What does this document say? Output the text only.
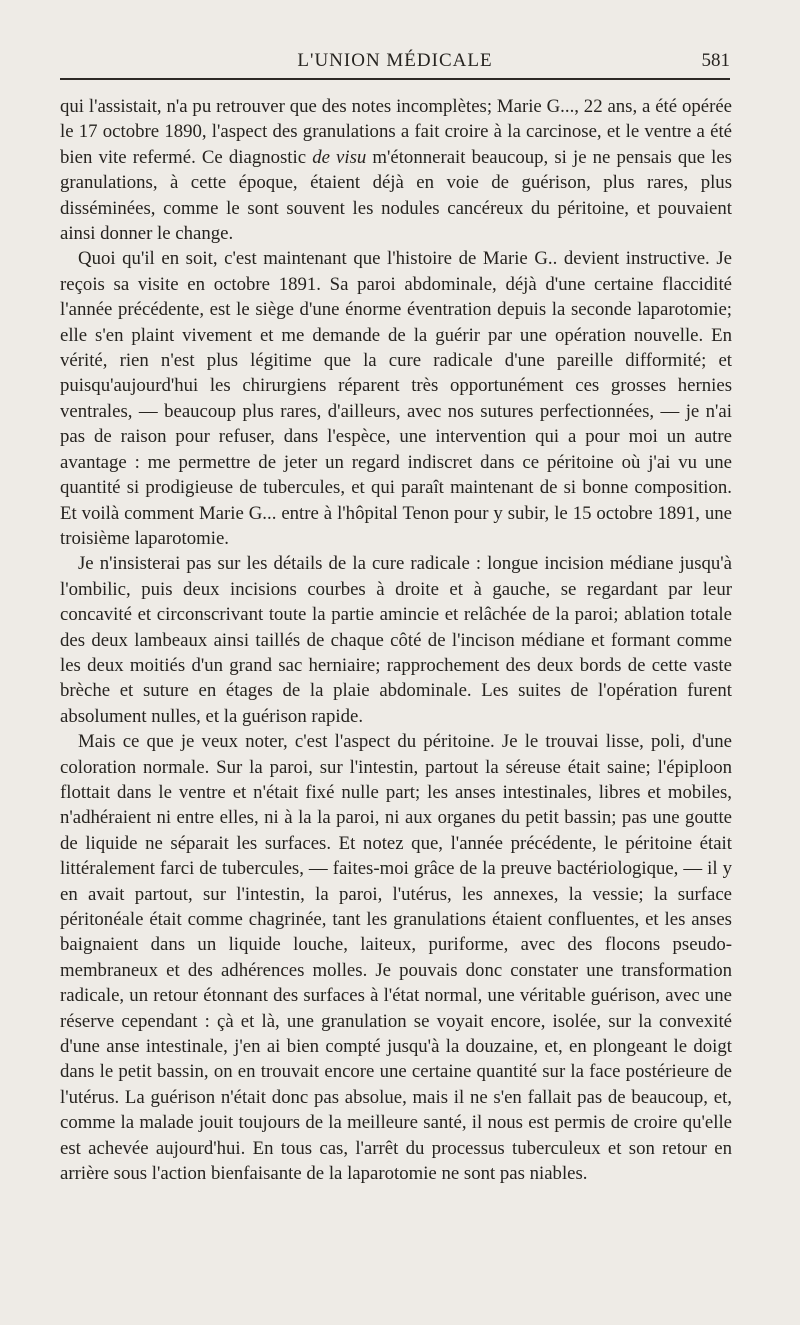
L'UNION MÉDICALE	581

qui l'assistait, n'a pu retrouver que des notes incomplètes; Marie G..., 22 ans, a été opérée le 17 octobre 1890, l'aspect des granulations a fait croire à la carcinose, et le ventre a été bien vite refermé. Ce diagnostic de visu m'étonnerait beaucoup, si je ne pensais que les granulations, à cette époque, étaient déjà en voie de guérison, plus rares, plus disséminées, comme le sont souvent les nodules cancéreux du péritoine, et pouvaient ainsi donner le change.

Quoi qu'il en soit, c'est maintenant que l'histoire de Marie G.. devient instructive. Je reçois sa visite en octobre 1891. Sa paroi abdominale, déjà d'une certaine flaccidité l'année précédente, est le siège d'une énorme éventration depuis la seconde laparotomie; elle s'en plaint vivement et me demande de la guérir par une opération nouvelle. En vérité, rien n'est plus légitime que la cure radicale d'une pareille difformité; et puisqu'aujourd'hui les chirurgiens réparent très opportunément ces grosses hernies ventrales, — beaucoup plus rares, d'ailleurs, avec nos sutures perfectionnées, — je n'ai pas de raison pour refuser, dans l'espèce, une intervention qui a pour moi un autre avantage : me permettre de jeter un regard indiscret dans ce péritoine où j'ai vu une quantité si prodigieuse de tubercules, et qui paraît maintenant de si bonne composition. Et voilà comment Marie G... entre à l'hôpital Tenon pour y subir, le 15 octobre 1891, une troisième laparotomie.

Je n'insisterai pas sur les détails de la cure radicale : longue incision médiane jusqu'à l'ombilic, puis deux incisions courbes à droite et à gauche, se regardant par leur concavité et circonscrivant toute la partie amincie et relâchée de la paroi; ablation totale des deux lambeaux ainsi taillés de chaque côté de l'incison médiane et formant comme les deux moitiés d'un grand sac herniaire; rapprochement des deux bords de cette vaste brèche et suture en étages de la plaie abdominale. Les suites de l'opération furent absolument nulles, et la guérison rapide.

Mais ce que je veux noter, c'est l'aspect du péritoine. Je le trouvai lisse, poli, d'une coloration normale. Sur la paroi, sur l'intestin, partout la séreuse était saine; l'épiploon flottait dans le ventre et n'était fixé nulle part; les anses intestinales, libres et mobiles, n'adhéraient ni entre elles, ni à la la paroi, ni aux organes du petit bassin; pas une goutte de liquide ne séparait les surfaces. Et notez que, l'année précédente, le péritoine était littéralement farci de tubercules, — faites-moi grâce de la preuve bactériologique, — il y en avait partout, sur l'intestin, la paroi, l'utérus, les annexes, la vessie; la surface péritonéale était comme chagrinée, tant les granulations étaient confluentes, et les anses baignaient dans un liquide louche, laiteux, puriforme, avec des flocons pseudo-membraneux et des adhérences molles. Je pouvais donc constater une transformation radicale, un retour étonnant des surfaces à l'état normal, une véritable guérison, avec une réserve cependant : çà et là, une granulation se voyait encore, isolée, sur la convexité d'une anse intestinale, j'en ai bien compté jusqu'à la douzaine, et, en plongeant le doigt dans le petit bassin, on en trouvait encore une certaine quantité sur la face postérieure de l'utérus. La guérison n'était donc pas absolue, mais il ne s'en fallait pas de beaucoup, et, comme la malade jouit toujours de la meilleure santé, il nous est permis de croire qu'elle est achevée aujourd'hui. En tous cas, l'arrêt du processus tuberculeux et son retour en arrière sous l'action bienfaisante de la laparotomie ne sont pas niables.
